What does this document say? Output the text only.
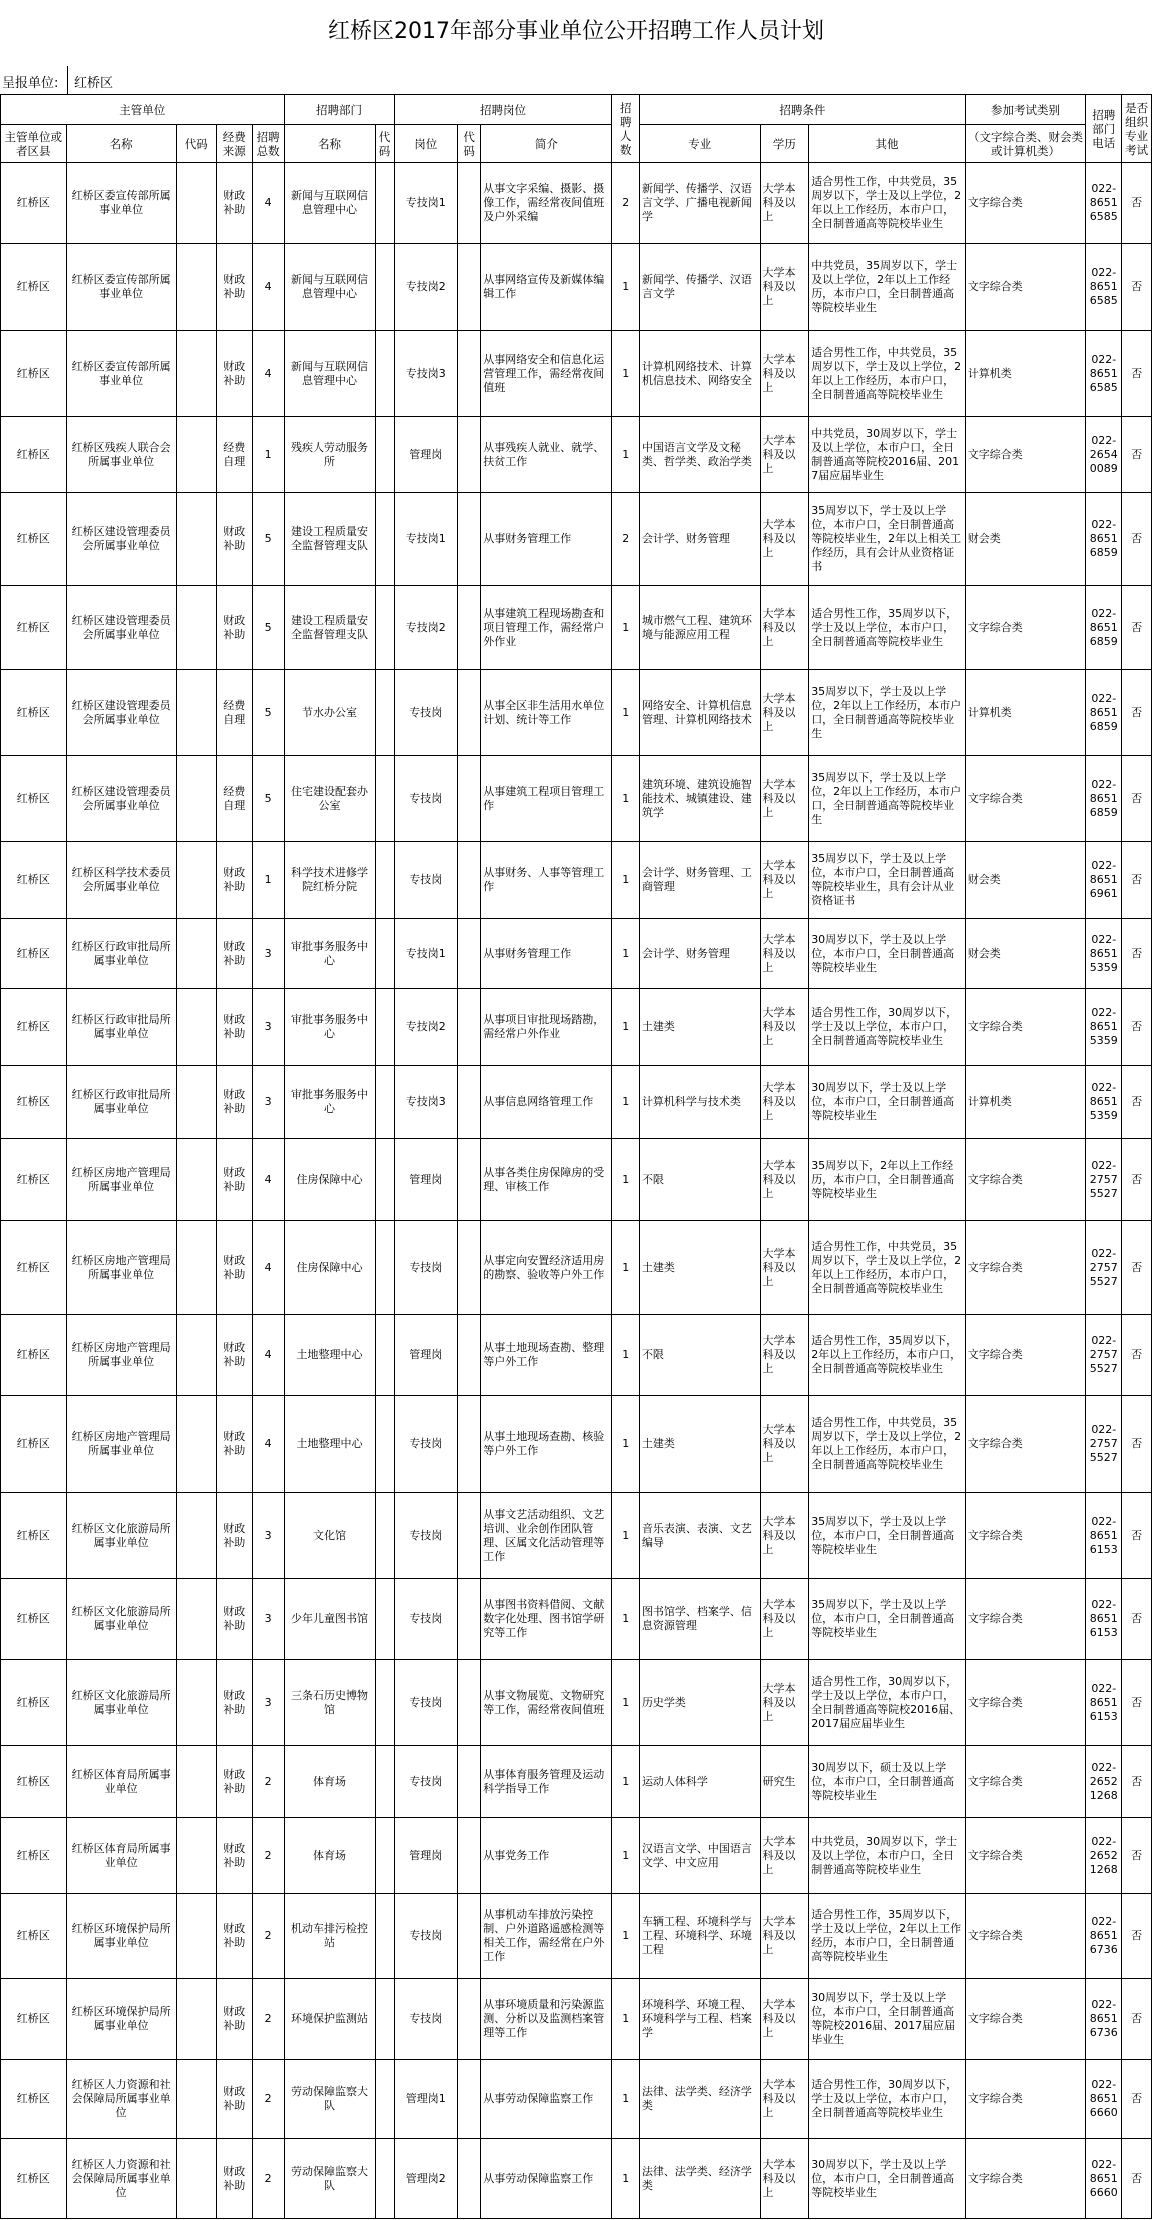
红桥区2017年部分事业单位公开招聘工作人员计划
呈报单位: 红桥区
主管单位					招聘部门		招聘岗位			招聘人数	招聘条件			参加考试类别	招聘部门电话	是否组织专业考试
主管单位或者区县	名称	代码	经费来源	招聘总数	名称	代码	岗位	代码	简介		专业	学历	其他	（文字综合类、财会类或计算机类）		
红桥区	红桥区委宣传部所属事业单位		财政补助	4	新闻与互联网信息管理中心		专技岗1		从事文字采编、摄影、摄像工作，需经常夜间值班及户外采编	2	新闻学、传播学、汉语言文学、广播电视新闻学	大学本科及以上	适合男性工作，中共党员，35周岁以下，学士及以上学位，2年以上工作经历，本市户口，全日制普通高等院校毕业生	文字综合类	022-86516585	否
红桥区	红桥区委宣传部所属事业单位		财政补助	4	新闻与互联网信息管理中心		专技岗2		从事网络宣传及新媒体编辑工作	1	新闻学、传播学、汉语言文学	大学本科及以上	中共党员，35周岁以下，学士及以上学位，2年以上工作经历，本市户口，全日制普通高等院校毕业生	文字综合类	022-86516585	否
红桥区	红桥区委宣传部所属事业单位		财政补助	4	新闻与互联网信息管理中心		专技岗3		从事网络安全和信息化运营管理工作，需经常夜间值班	1	计算机网络技术、计算机信息技术、网络安全	大学本科及以上	适合男性工作，中共党员，35周岁以下，学士及以上学位，2年以上工作经历，本市户口，全日制普通高等院校毕业生	计算机类	022-86516585	否
红桥区	红桥区残疾人联合会所属事业单位		经费自理	1	残疾人劳动服务所		管理岗		从事残疾人就业、就学、扶贫工作	1	中国语言文学及文秘类、哲学类、政治学类	大学本科及以上	中共党员，30周岁以下，学士及以上学位，本市户口，全日制普通高等院校2016届、2017届应届毕业生	文字综合类	022-26540089	否
红桥区	红桥区建设管理委员会所属事业单位		财政补助	5	建设工程质量安全监督管理支队		专技岗1		从事财务管理工作	2	会计学、财务管理	大学本科及以上	35周岁以下，学士及以上学位，本市户口，全日制普通高等院校毕业生，2年以上相关工作经历，具有会计从业资格证书	财会类	022-86516859	否
红桥区	红桥区建设管理委员会所属事业单位		财政补助	5	建设工程质量安全监督管理支队		专技岗2		从事建筑工程现场勘查和项目管理工作，需经常户外作业	1	城市燃气工程、建筑环境与能源应用工程	大学本科及以上	适合男性工作，35周岁以下，学士及以上学位，本市户口，全日制普通高等院校毕业生	文字综合类	022-86516859	否
红桥区	红桥区建设管理委员会所属事业单位		经费自理	5	节水办公室		专技岗		从事全区非生活用水单位计划、统计等工作	1	网络安全、计算机信息管理、计算机网络技术	大学本科及以上	35周岁以下，学士及以上学位，2年以上工作经历，本市户口，全日制普通高等院校毕业生	计算机类	022-86516859	否
红桥区	红桥区建设管理委员会所属事业单位		经费自理	5	住宅建设配套办公室		专技岗		从事建筑工程项目管理工作	1	建筑环境、建筑设施智能技术、城镇建设、建筑学	大学本科及以上	35周岁以下，学士及以上学位，2年以上工作经历，本市户口，全日制普通高等院校毕业生	文字综合类	022-86516859	否
红桥区	红桥区科学技术委员会所属事业单位		财政补助	1	科学技术进修学院红桥分院		专技岗		从事财务、人事等管理工作	1	会计学、财务管理、工商管理	大学本科及以上	35周岁以下，学士及以上学位，本市户口，全日制普通高等院校毕业生，具有会计从业资格证书	财会类	022-86516961	否
红桥区	红桥区行政审批局所属事业单位		财政补助	3	审批事务服务中心		专技岗1		从事财务管理工作	1	会计学、财务管理	大学本科及以上	30周岁以下，学士及以上学位，本市户口，全日制普通高等院校毕业生	财会类	022-86515359	否
红桥区	红桥区行政审批局所属事业单位		财政补助	3	审批事务服务中心		专技岗2		从事项目审批现场踏勘，需经常户外作业	1	土建类	大学本科及以上	适合男性工作，30周岁以下，学士及以上学位，本市户口，全日制普通高等院校毕业生	文字综合类	022-86515359	否
红桥区	红桥区行政审批局所属事业单位		财政补助	3	审批事务服务中心		专技岗3		从事信息网络管理工作	1	计算机科学与技术类	大学本科及以上	30周岁以下，学士及以上学位，本市户口，全日制普通高等院校毕业生	计算机类	022-86515359	否
红桥区	红桥区房地产管理局所属事业单位		财政补助	4	住房保障中心		管理岗		从事各类住房保障房的受理、审核工作	1	不限	大学本科及以上	35周岁以下，2年以上工作经历，本市户口，全日制普通高等院校毕业生	文字综合类	022-27575527	否
红桥区	红桥区房地产管理局所属事业单位		财政补助	4	住房保障中心		专技岗		从事定向安置经济适用房的勘察、验收等户外工作	1	土建类	大学本科及以上	适合男性工作，中共党员，35周岁以下，学士及以上学位，2年以上工作经历，本市户口，全日制普通高等院校毕业生	文字综合类	022-27575527	否
红桥区	红桥区房地产管理局所属事业单位		财政补助	4	土地整理中心		管理岗		从事土地现场查勘、整理等户外工作	1	不限	大学本科及以上	适合男性工作，35周岁以下，2年以上工作经历，本市户口，全日制普通高等院校毕业生	文字综合类	022-27575527	否
红桥区	红桥区房地产管理局所属事业单位		财政补助	4	土地整理中心		专技岗		从事土地现场查勘、核验等户外工作	1	土建类	大学本科及以上	适合男性工作，中共党员，35周岁以下，学士及以上学位，2年以上工作经历，本市户口，全日制普通高等院校毕业生	文字综合类	022-27575527	否
红桥区	红桥区文化旅游局所属事业单位		财政补助	3	文化馆		专技岗		从事文艺活动组织、文艺培训、业余创作团队管理、区属文化活动管理等工作	1	音乐表演、表演、文艺编导	大学本科及以上	35周岁以下，学士及以上学位，本市户口，全日制普通高等院校毕业生	文字综合类	022-86516153	否
红桥区	红桥区文化旅游局所属事业单位		财政补助	3	少年儿童图书馆		专技岗		从事图书资料借阅、文献数字化处理、图书馆学研究等工作	1	图书馆学、档案学、信息资源管理	大学本科及以上	35周岁以下，学士及以上学位，本市户口，全日制普通高等院校毕业生	文字综合类	022-86516153	否
红桥区	红桥区文化旅游局所属事业单位		财政补助	3	三条石历史博物馆		专技岗		从事文物展览、文物研究等工作，需经常夜间值班	1	历史学类	大学本科及以上	适合男性工作，30周岁以下，学士及以上学位，本市户口，全日制普通高等院校2016届、2017届应届毕业生	文字综合类	022-86516153	否
红桥区	红桥区体育局所属事业单位		财政补助	2	体育场		专技岗		从事体育服务管理及运动科学指导工作	1	运动人体科学	研究生	30周岁以下，硕士及以上学位，本市户口，全日制普通高等院校毕业生	文字综合类	022-26521268	否
红桥区	红桥区体育局所属事业单位		财政补助	2	体育场		管理岗		从事党务工作	1	汉语言文学、中国语言文学、中文应用	大学本科及以上	中共党员，30周岁以下，学士及以上学位，本市户口，全日制普通高等院校毕业生	文字综合类	022-26521268	否
红桥区	红桥区环境保护局所属事业单位		财政补助	2	机动车排污检控站		专技岗		从事机动车排放污染控制、户外道路遥感检测等相关工作，需经常在户外工作	1	车辆工程、环境科学与工程、环境科学、环境工程	大学本科及以上	适合男性工作，35周岁以下，学士及以上学位，2年以上工作经历，本市户口，全日制普通高等院校毕业生	文字综合类	022-86516736	否
红桥区	红桥区环境保护局所属事业单位		财政补助	2	环境保护监测站		专技岗		从事环境质量和污染源监测、分析以及监测档案管理等工作	1	环境科学、环境工程、环境科学与工程、档案学	大学本科及以上	30周岁以下，学士及以上学位，本市户口，全日制普通高等院校2016届、2017届应届毕业生	文字综合类	022-86516736	否
红桥区	红桥区人力资源和社会保障局所属事业单位		财政补助	2	劳动保障监察大队		管理岗1		从事劳动保障监察工作	1	法律、法学类、经济学类	大学本科及以上	适合男性工作，30周岁以下，学士及以上学位，本市户口，全日制普通高等院校毕业生	文字综合类	022-86516660	否
红桥区	红桥区人力资源和社会保障局所属事业单位		财政补助	2	劳动保障监察大队		管理岗2		从事劳动保障监察工作	1	法律、法学类、经济学类	大学本科及以上	30周岁以下，学士及以上学位，本市户口，全日制普通高等院校毕业生	文字综合类	022-86516660	否
